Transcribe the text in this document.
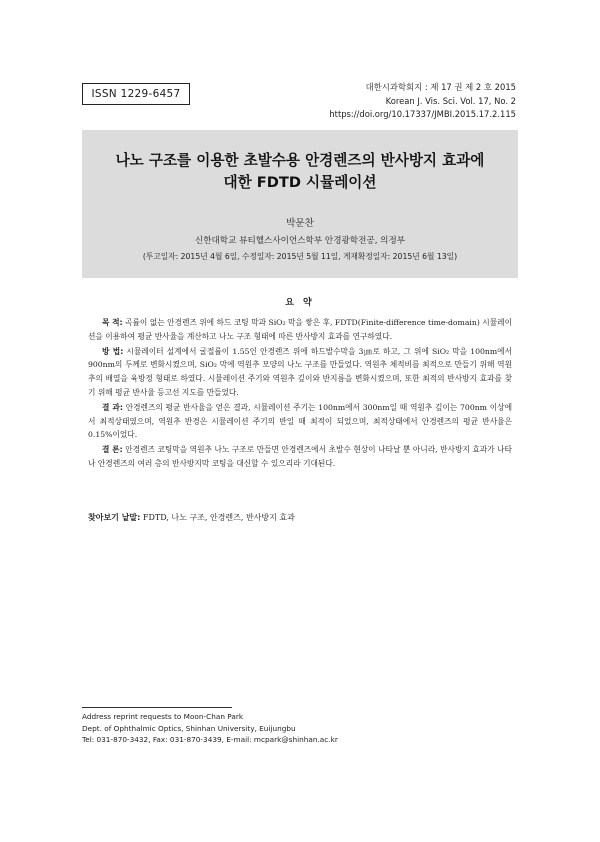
ISSN 1229-6457
대한시과학회지 : 제 17 권 제 2 호 2015
Korean J. Vis. Sci. Vol. 17, No. 2
https://doi.org/10.17337/JMBI.2015.17.2.115
나노 구조를 이용한 초발수용 안경렌즈의 반사방지 효과에
대한 FDTD 시뮬레이션
박문찬
신한대학교 뷰티헬스사이언스학부 안경광학전공, 의정부
(투고일자: 2015년 4월 6일, 수정일자: 2015년 5월 11일, 게재확정일자: 2015년 6월 13일)
요 약

목 적: 곡률이 없는 안경렌즈 위에 하드 코팅 막과 SiO₂ 막을 쌓은 후, FDTD(Finite-difference time-domain) 시뮬레이션을 이용하여 평균 반사율을 계산하고 나노 구조 형태에 따른 반사방지 효과를 연구하였다.

방 법: 시뮬레이터 설계에서 굴절률이 1.55인 안경렌즈 위에 하드발수막을 3㎛로 하고, 그 위에 SiO₂ 막을 100nm에서 900nm의 두께로 변화시켰으며, SiO₂ 막에 역원추 모양의 나노 구조를 만들었다. 역원추 체적비를 최적으로 만들기 위해 역원추의 배열을 육방정 형태로 하였다. 시뮬레이션 주기와 역원추 깊이와 반지름을 변화시켰으며, 또한 최적의 반사방지 효과를 찾기 위해 평균 반사율 등고선 지도를 만들었다.

결 과: 안경렌즈의 평균 반사율을 얻은 결과, 시뮬레이션 주기는 100nm에서 300nm일 때 역원추 깊이는 700nm 이상에서 최적상태였으며, 역원추 반경은 시뮬레이션 주기의 반일 때 최적이 되었으며, 최적상태에서 안경렌즈의 평균 반사율은 0.15%이었다.

결 론: 안경렌즈 코팅막을 역원추 나노 구조로 만들면 안경렌즈에서 초발수 현상이 나타날 뿐 아니라, 반사방지 효과가 나타나 안경렌즈의 여러 층의 반사방지막 코팅을 대신할 수 있으리라 기대된다.

찾아보기 낱말: FDTD, 나노 구조, 안경렌즈, 반사방지 효과
Address reprint requests to Moon-Chan Park
Dept. of Ophthalmic Optics, Shinhan University, Euijungbu
Tel: 031-870-3432, Fax: 031-870-3439, E-mail: mcpark@shinhan.ac.kr
